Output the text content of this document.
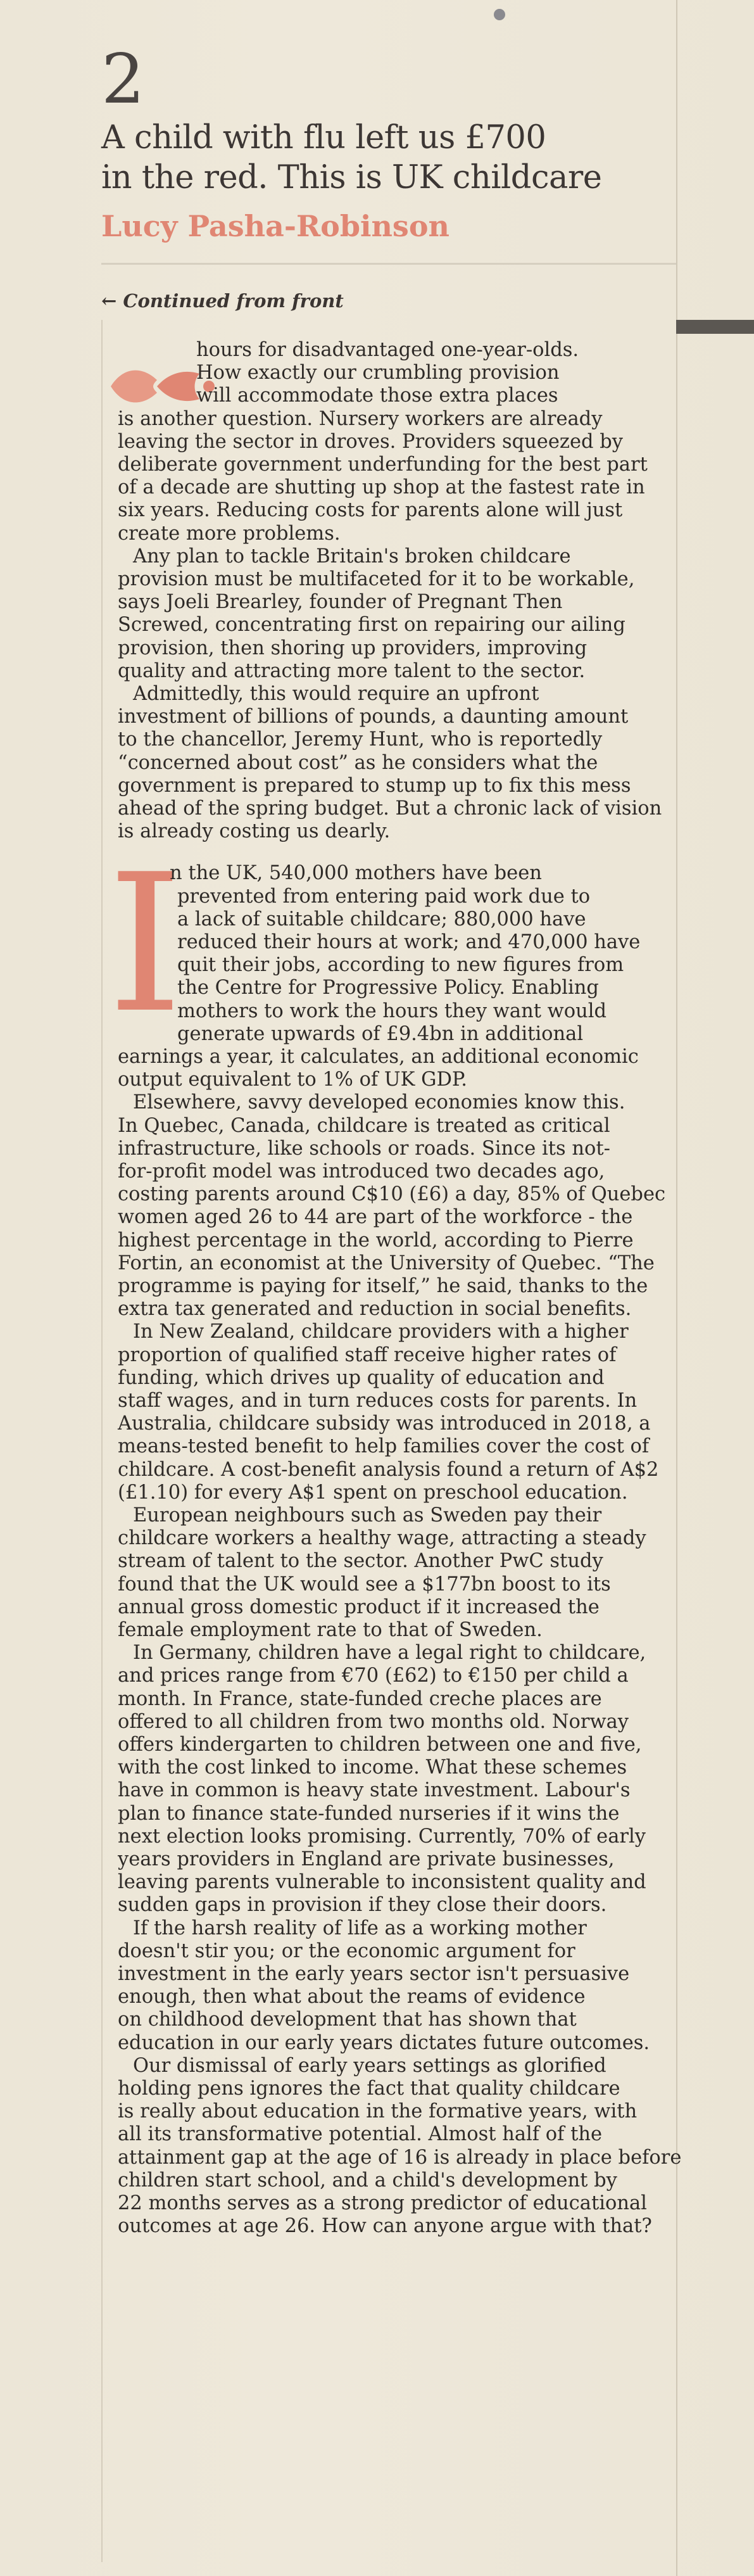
2
A child with flu left us £700
in the red. This is UK childcare
Lucy Pasha-Robinson
← Continued from front
I
hours for disadvantaged one-year-olds.
How exactly our crumbling provision
will accommodate those extra places
is another question. Nursery workers are already
leaving the sector in droves. Providers squeezed by
deliberate government underfunding for the best part
of a decade are shutting up shop at the fastest rate in
six years. Reducing costs for parents alone will just
create more problems.
Any plan to tackle Britain's broken childcare
provision must be multifaceted for it to be workable,
says Joeli Brearley, founder of Pregnant Then
Screwed, concentrating first on repairing our ailing
provision, then shoring up providers, improving
quality and attracting more talent to the sector.
Admittedly, this would require an upfront
investment of billions of pounds, a daunting amount
to the chancellor, Jeremy Hunt, who is reportedly
“concerned about cost” as he considers what the
government is prepared to stump up to fix this mess
ahead of the spring budget. But a chronic lack of vision
is already costing us dearly.
n the UK, 540,000 mothers have been
prevented from entering paid work due to
a lack of suitable childcare; 880,000 have
reduced their hours at work; and 470,000 have
quit their jobs, according to new figures from
the Centre for Progressive Policy. Enabling
mothers to work the hours they want would
generate upwards of £9.4bn in additional
earnings a year, it calculates, an additional economic
output equivalent to 1% of UK GDP.
Elsewhere, savvy developed economies know this.
In Quebec, Canada, childcare is treated as critical
infrastructure, like schools or roads. Since its not-
for-profit model was introduced two decades ago,
costing parents around C$10 (£6) a day, 85% of Quebec
women aged 26 to 44 are part of the workforce - the
highest percentage in the world, according to Pierre
Fortin, an economist at the University of Quebec. “The
programme is paying for itself,” he said, thanks to the
extra tax generated and reduction in social benefits.
In New Zealand, childcare providers with a higher
proportion of qualified staff receive higher rates of
funding, which drives up quality of education and
staff wages, and in turn reduces costs for parents. In
Australia, childcare subsidy was introduced in 2018, a
means-tested benefit to help families cover the cost of
childcare. A cost-benefit analysis found a return of A$2
(£1.10) for every A$1 spent on preschool education.
European neighbours such as Sweden pay their
childcare workers a healthy wage, attracting a steady
stream of talent to the sector. Another PwC study
found that the UK would see a $177bn boost to its
annual gross domestic product if it increased the
female employment rate to that of Sweden.
In Germany, children have a legal right to childcare,
and prices range from €70 (£62) to €150 per child a
month. In France, state-funded creche places are
offered to all children from two months old. Norway
offers kindergarten to children between one and five,
with the cost linked to income. What these schemes
have in common is heavy state investment. Labour's
plan to finance state-funded nurseries if it wins the
next election looks promising. Currently, 70% of early
years providers in England are private businesses,
leaving parents vulnerable to inconsistent quality and
sudden gaps in provision if they close their doors.
If the harsh reality of life as a working mother
doesn't stir you; or the economic argument for
investment in the early years sector isn't persuasive
enough, then what about the reams of evidence
on childhood development that has shown that
education in our early years dictates future outcomes.
Our dismissal of early years settings as glorified
holding pens ignores the fact that quality childcare
is really about education in the formative years, with
all its transformative potential. Almost half of the
attainment gap at the age of 16 is already in place before
children start school, and a child's development by
22 months serves as a strong predictor of educational
outcomes at age 26. How can anyone argue with that?
